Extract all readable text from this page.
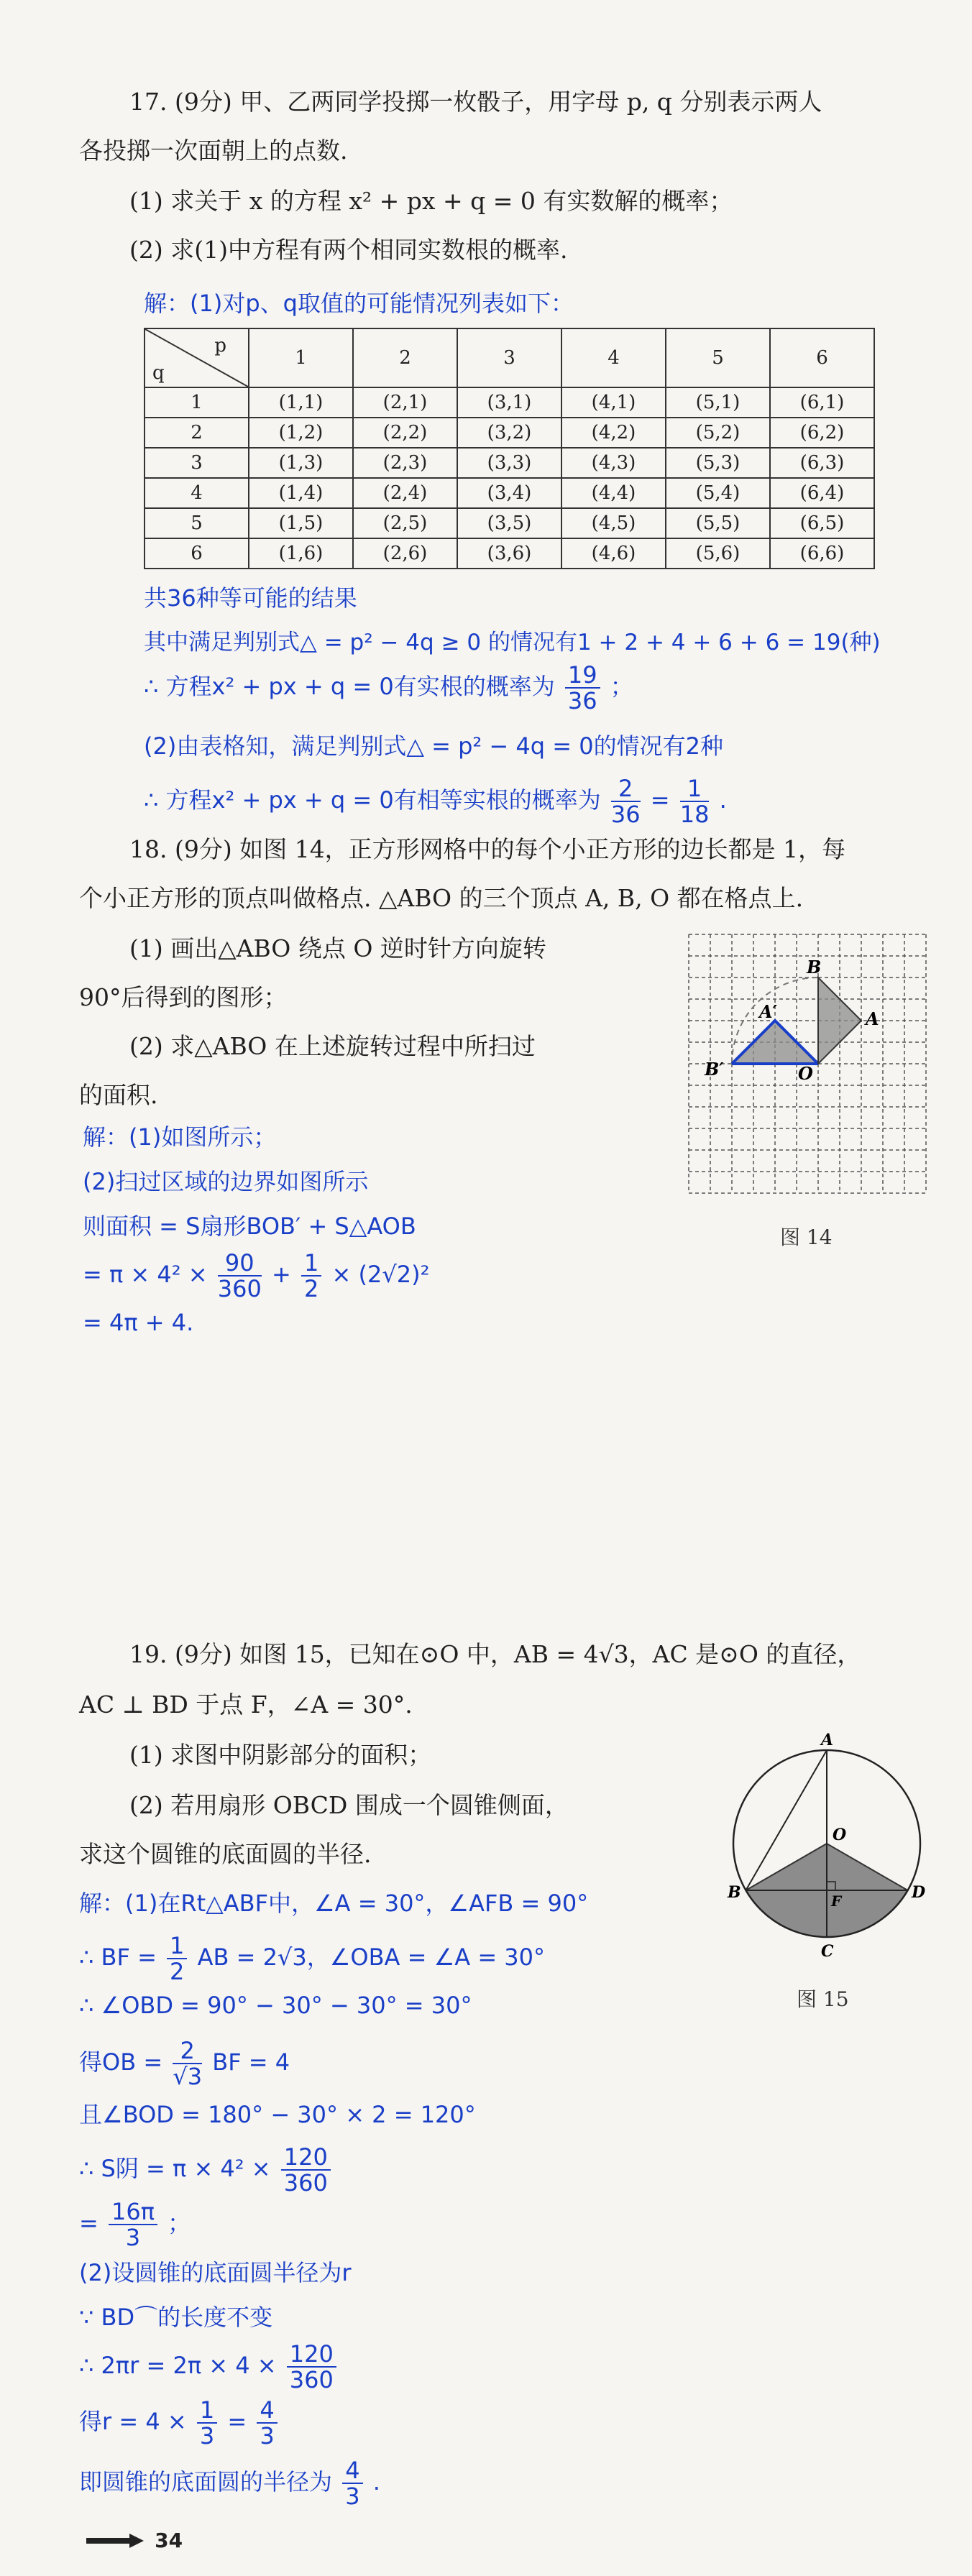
17. (9分) 甲、乙两同学投掷一枚骰子，用字母 p, q 分别表示两人
各投掷一次面朝上的点数.
(1) 求关于 x 的方程 x² + px + q = 0 有实数解的概率；
(2) 求(1)中方程有两个相同实数根的概率.
解：(1)对p、q取值的可能情况列表如下：
p
q	1	2	3	4	5	6
1	(1,1)	(2,1)	(3,1)	(4,1)	(5,1)	(6,1)
2	(1,2)	(2,2)	(3,2)	(4,2)	(5,2)	(6,2)
3	(1,3)	(2,3)	(3,3)	(4,3)	(5,3)	(6,3)
4	(1,4)	(2,4)	(3,4)	(4,4)	(5,4)	(6,4)
5	(1,5)	(2,5)	(3,5)	(4,5)	(5,5)	(6,5)
6	(1,6)	(2,6)	(3,6)	(4,6)	(5,6)	(6,6)
共36种等可能的结果
其中满足判别式△ = p² − 4q ≥ 0 的情况有1 + 2 + 4 + 6 + 6 = 19(种)
∴ 方程x² + px + q = 0有实根的概率为 $\frac{19}{36}$ ；
(2)由表格知，满足判别式△ = p² − 4q = 0的情况有2种
∴ 方程x² + px + q = 0有相等实根的概率为 $\frac{2}{36} = \frac{1}{18}$ .
18. (9分) 如图 14，正方形网格中的每个小正方形的边长都是 1，每
个小正方形的顶点叫做格点. △ABO 的三个顶点 A, B, O 都在格点上.
(1) 画出△ABO 绕点 O 逆时针方向旋转
90°后得到的图形；
(2) 求△ABO 在上述旋转过程中所扫过
的面积.
解：(1)如图所示；
(2)扫过区域的边界如图所示
则面积 = S扇形BOB′ + S△AOB
= $\pi \times 4^2 \times \frac{90}{360} + \frac{1}{2} \times (2√2)^2$
= 4π + 4.
B
A
A′
B′	O
图 14
19. (9分) 如图 15，已知在⊙O 中，AB = 4√3，AC 是⊙O 的直径，
AC ⊥ BD 于点 F，∠A = 30°.
(1) 求图中阴影部分的面积；
(2) 若用扇形 OBCD 围成一个圆锥侧面，
求这个圆锥的底面圆的半径.
解：(1)在Rt△ABF中，∠A = 30°，∠AFB = 90°
∴ BF = $\frac{1}{2}$ AB = 2√3，∠OBA = ∠A = 30°
∴ ∠OBD = 90° − 30° − 30° = 30°
得OB = $\frac{2}{√3}$ BF = 4
且∠BOD = 180° − 30° × 2 = 120°
∴ S阴 = $\pi \times 4^2 \times \frac{120}{360}$
= $\frac{16\pi}{3}$ ；
(2)设圆锥的底面圆半径为r
∵ BD⌒的长度不变
∴ $2\pi r = 2\pi \times 4 \times \frac{120}{360}$
得$r = 4 \times \frac{1}{3} = \frac{4}{3}$
即圆锥的底面圆的半径为 $\frac{4}{3}$ .
A
O
B	F	D
C
图 15
34
